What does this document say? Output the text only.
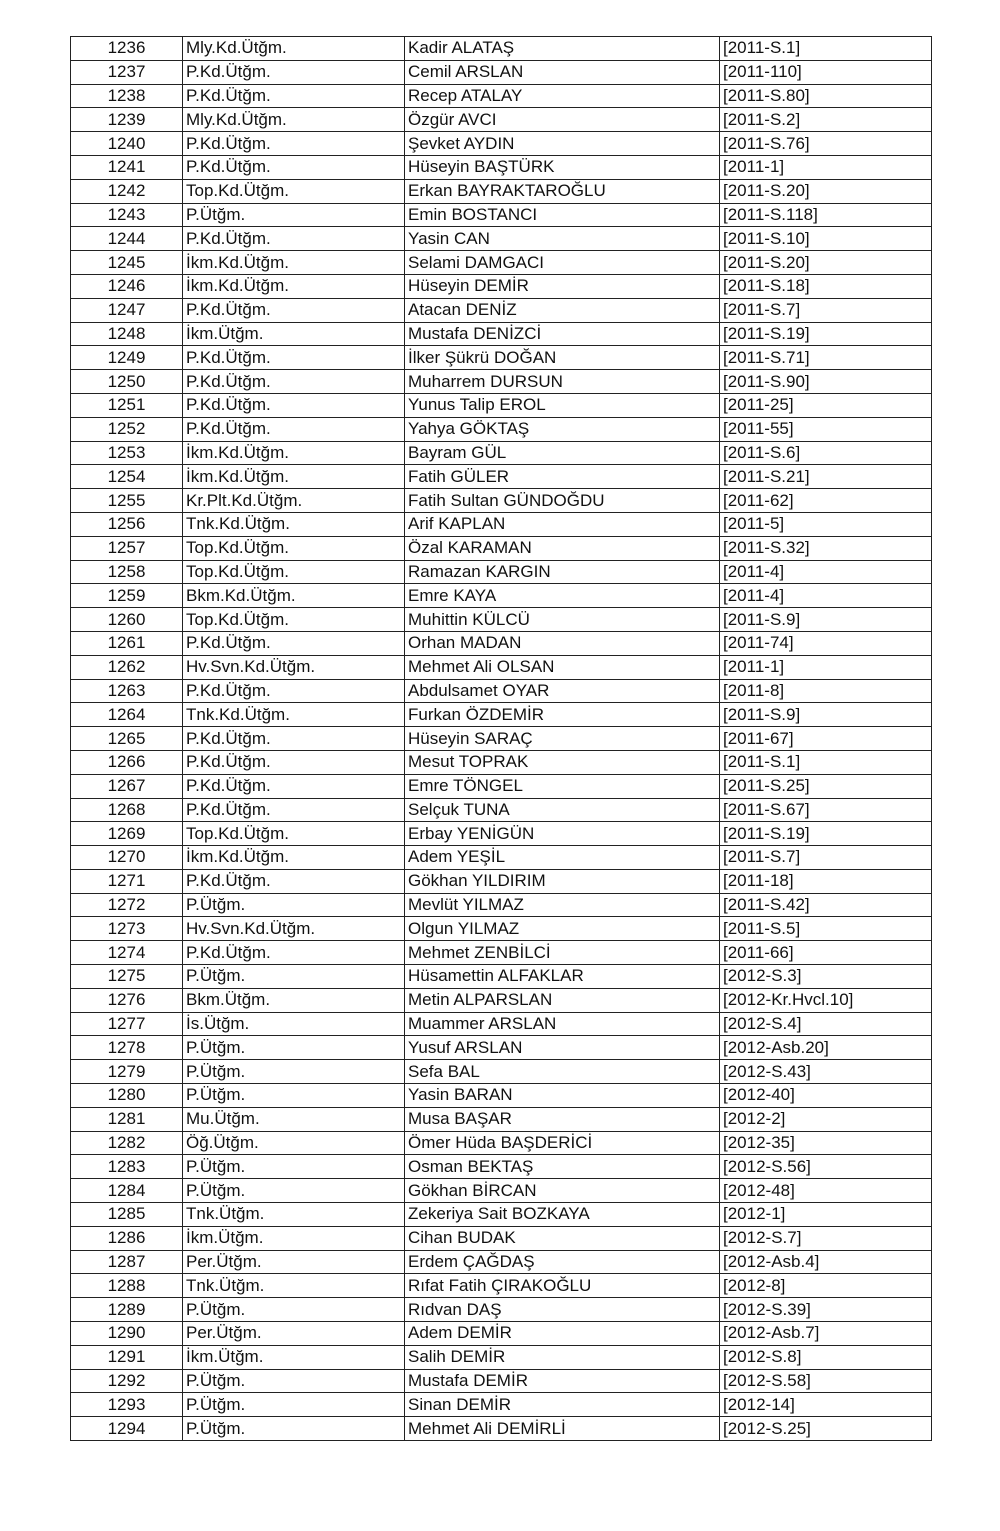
1236	Mly.Kd.Ütğm.	Kadir ALATAŞ	[2011-S.1]
1237	P.Kd.Ütğm.	Cemil ARSLAN	[2011-110]
1238	P.Kd.Ütğm.	Recep ATALAY	[2011-S.80]
1239	Mly.Kd.Ütğm.	Özgür AVCI	[2011-S.2]
1240	P.Kd.Ütğm.	Şevket AYDIN	[2011-S.76]
1241	P.Kd.Ütğm.	Hüseyin BAŞTÜRK	[2011-1]
1242	Top.Kd.Ütğm.	Erkan BAYRAKTAROĞLU	[2011-S.20]
1243	P.Ütğm.	Emin BOSTANCI	[2011-S.118]
1244	P.Kd.Ütğm.	Yasin CAN	[2011-S.10]
1245	İkm.Kd.Ütğm.	Selami DAMGACI	[2011-S.20]
1246	İkm.Kd.Ütğm.	Hüseyin DEMİR	[2011-S.18]
1247	P.Kd.Ütğm.	Atacan DENİZ	[2011-S.7]
1248	İkm.Ütğm.	Mustafa DENİZCİ	[2011-S.19]
1249	P.Kd.Ütğm.	İlker Şükrü DOĞAN	[2011-S.71]
1250	P.Kd.Ütğm.	Muharrem DURSUN	[2011-S.90]
1251	P.Kd.Ütğm.	Yunus Talip EROL	[2011-25]
1252	P.Kd.Ütğm.	Yahya GÖKTAŞ	[2011-55]
1253	İkm.Kd.Ütğm.	Bayram GÜL	[2011-S.6]
1254	İkm.Kd.Ütğm.	Fatih GÜLER	[2011-S.21]
1255	Kr.Plt.Kd.Ütğm.	Fatih Sultan GÜNDOĞDU	[2011-62]
1256	Tnk.Kd.Ütğm.	Arif KAPLAN	[2011-5]
1257	Top.Kd.Ütğm.	Özal KARAMAN	[2011-S.32]
1258	Top.Kd.Ütğm.	Ramazan KARGIN	[2011-4]
1259	Bkm.Kd.Ütğm.	Emre KAYA	[2011-4]
1260	Top.Kd.Ütğm.	Muhittin KÜLCÜ	[2011-S.9]
1261	P.Kd.Ütğm.	Orhan MADAN	[2011-74]
1262	Hv.Svn.Kd.Ütğm.	Mehmet Ali OLSAN	[2011-1]
1263	P.Kd.Ütğm.	Abdulsamet OYAR	[2011-8]
1264	Tnk.Kd.Ütğm.	Furkan ÖZDEMİR	[2011-S.9]
1265	P.Kd.Ütğm.	Hüseyin SARAÇ	[2011-67]
1266	P.Kd.Ütğm.	Mesut TOPRAK	[2011-S.1]
1267	P.Kd.Ütğm.	Emre TÖNGEL	[2011-S.25]
1268	P.Kd.Ütğm.	Selçuk TUNA	[2011-S.67]
1269	Top.Kd.Ütğm.	Erbay YENİGÜN	[2011-S.19]
1270	İkm.Kd.Ütğm.	Adem YEŞİL	[2011-S.7]
1271	P.Kd.Ütğm.	Gökhan YILDIRIM	[2011-18]
1272	P.Ütğm.	Mevlüt YILMAZ	[2011-S.42]
1273	Hv.Svn.Kd.Ütğm.	Olgun YILMAZ	[2011-S.5]
1274	P.Kd.Ütğm.	Mehmet ZENBİLCİ	[2011-66]
1275	P.Ütğm.	Hüsamettin ALFAKLAR	[2012-S.3]
1276	Bkm.Ütğm.	Metin ALPARSLAN	[2012-Kr.Hvcl.10]
1277	İs.Ütğm.	Muammer ARSLAN	[2012-S.4]
1278	P.Ütğm.	Yusuf ARSLAN	[2012-Asb.20]
1279	P.Ütğm.	Sefa BAL	[2012-S.43]
1280	P.Ütğm.	Yasin BARAN	[2012-40]
1281	Mu.Ütğm.	Musa BAŞAR	[2012-2]
1282	Öğ.Ütğm.	Ömer Hüda BAŞDERİCİ	[2012-35]
1283	P.Ütğm.	Osman BEKTAŞ	[2012-S.56]
1284	P.Ütğm.	Gökhan BİRCAN	[2012-48]
1285	Tnk.Ütğm.	Zekeriya Sait BOZKAYA	[2012-1]
1286	İkm.Ütğm.	Cihan BUDAK	[2012-S.7]
1287	Per.Ütğm.	Erdem ÇAĞDAŞ	[2012-Asb.4]
1288	Tnk.Ütğm.	Rıfat Fatih ÇIRAKOĞLU	[2012-8]
1289	P.Ütğm.	Rıdvan DAŞ	[2012-S.39]
1290	Per.Ütğm.	Adem DEMİR	[2012-Asb.7]
1291	İkm.Ütğm.	Salih DEMİR	[2012-S.8]
1292	P.Ütğm.	Mustafa DEMİR	[2012-S.58]
1293	P.Ütğm.	Sinan DEMİR	[2012-14]
1294	P.Ütğm.	Mehmet Ali DEMİRLİ	[2012-S.25]
